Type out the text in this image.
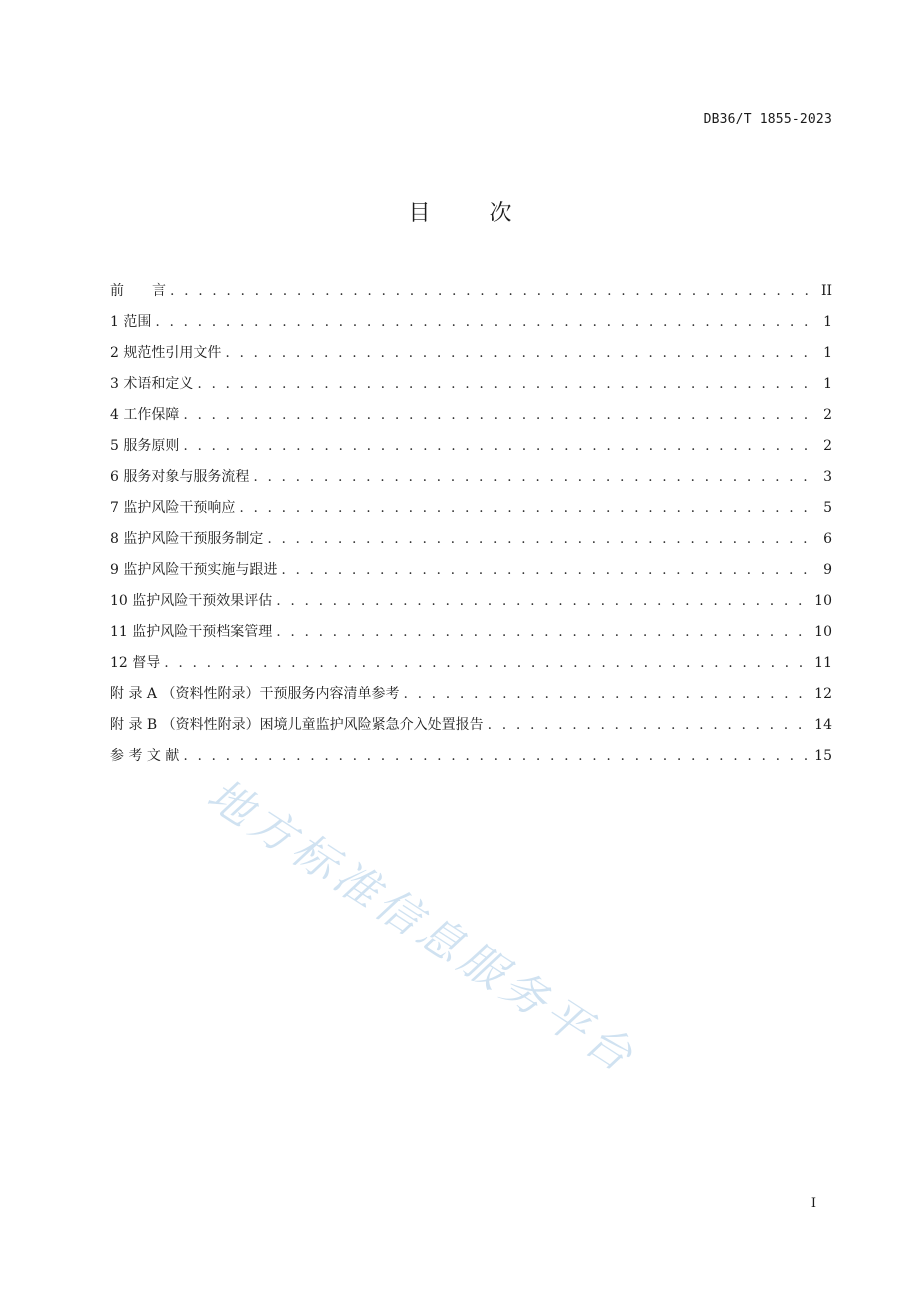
DB36/T 1855-2023
目 次
前　　言 . . .	II
1 范围 . . .	1
2 规范性引用文件 . . .	1
3 术语和定义 . . .	1
4 工作保障 . . .	2
5 服务原则 . . .	2
6 服务对象与服务流程 . . .	3
7 监护风险干预响应 . . .	5
8 监护风险干预服务制定 . . .	6
9 监护风险干预实施与跟进 . . .	9
10 监护风险干预效果评估 . . .	10
11 监护风险干预档案管理 . . .	10
12 督导 . . .	11
附 录 A （资料性附录）干预服务内容清单参考 . . .	12
附 录 B （资料性附录）困境儿童监护风险紧急介入处置报告 . . .	14
参 考 文 献 . . .	15
地方标准信息服务平台
I
